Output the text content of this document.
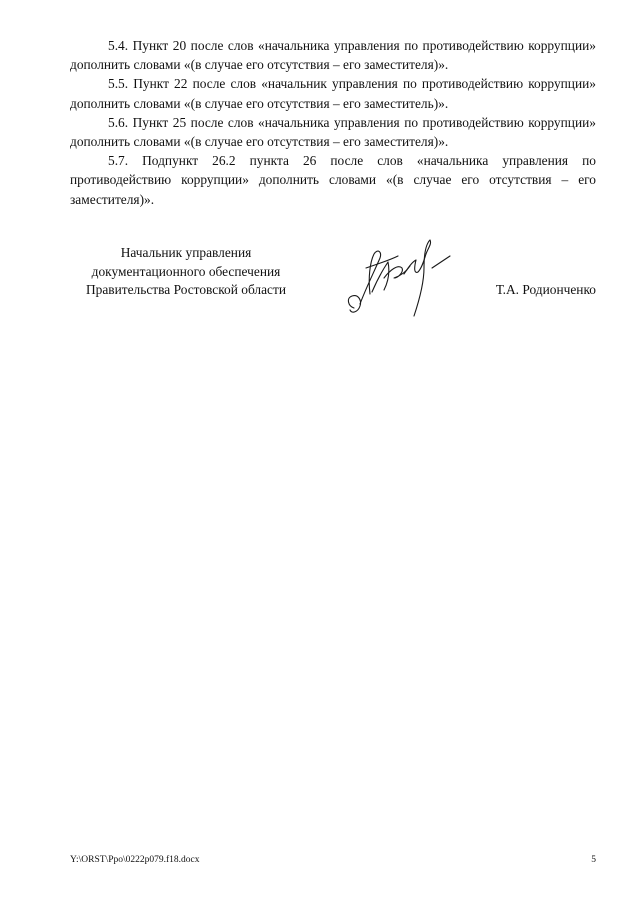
5.4. Пункт 20 после слов «начальника управления по противодействию коррупции» дополнить словами «(в случае его отсутствия – его заместителя)».

5.5. Пункт 22 после слов «начальник управления по противодействию коррупции» дополнить словами «(в случае его отсутствия – его заместитель)».

5.6. Пункт 25 после слов «начальника управления по противодействию коррупции» дополнить словами «(в случае его отсутствия – его заместителя)».

5.7. Подпункт 26.2 пункта 26 после слов «начальника управления по противодействию коррупции» дополнить словами «(в случае его отсутствия – его заместителя)».

Начальник управления
документационного обеспечения
Правительства Ростовской области	Т.А. Родионченко
Y:\ORST\Ppo\0222p079.f18.docx	5
